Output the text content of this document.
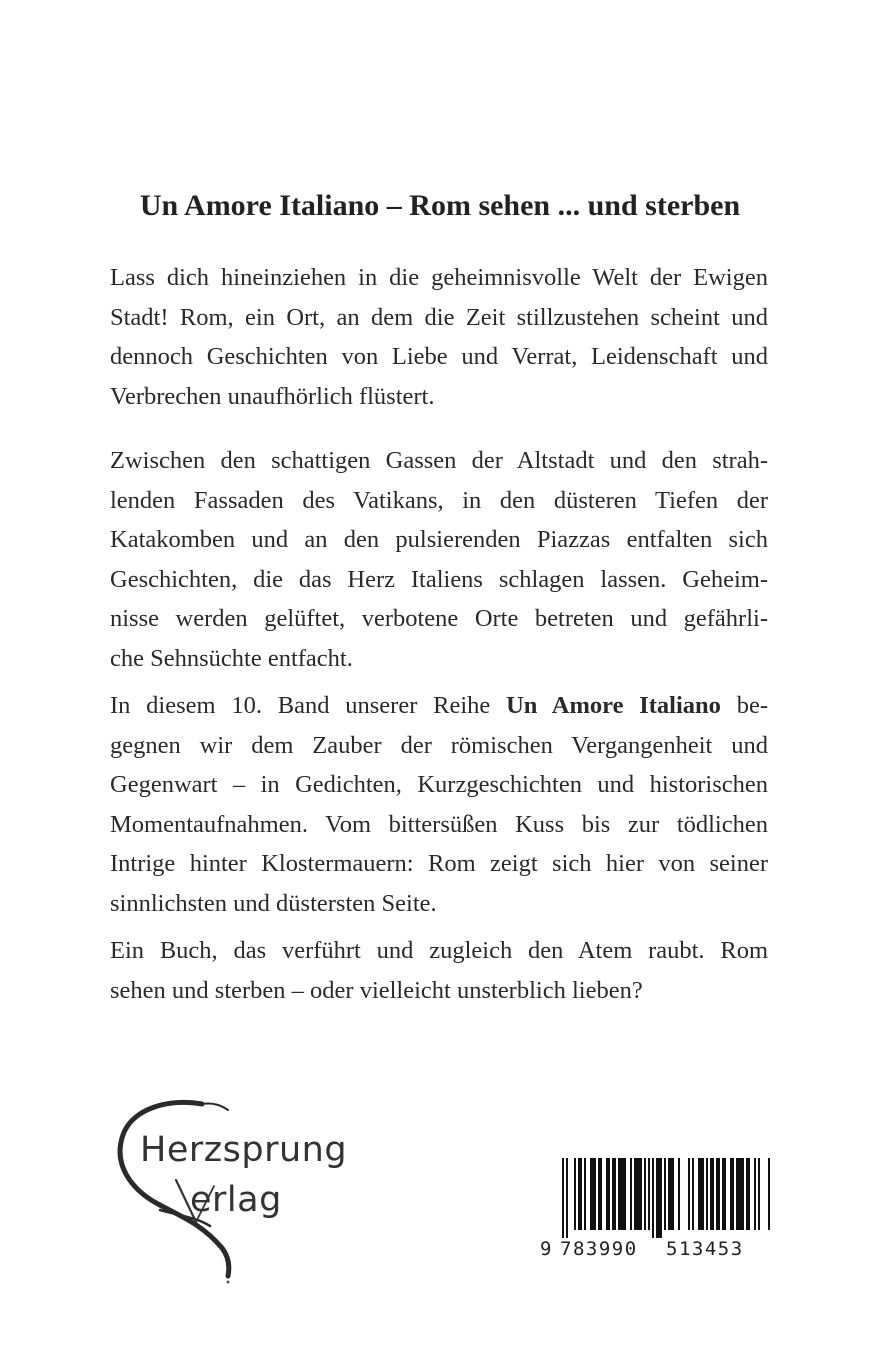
Un Amore Italiano – Rom sehen ... und sterben
Lass dich hineinziehen in die geheimnisvolle Welt der Ewigen
Stadt! Rom, ein Ort, an dem die Zeit stillzustehen scheint und
dennoch Geschichten von Liebe und Verrat, Leidenschaft und
Verbrechen unaufhörlich flüstert.
Zwischen den schattigen Gassen der Altstadt und den strah-
lenden Fassaden des Vatikans, in den düsteren Tiefen der
Katakomben und an den pulsierenden Piazzas entfalten sich
Geschichten, die das Herz Italiens schlagen lassen. Geheim-
nisse werden gelüftet, verbotene Orte betreten und gefährli-
che Sehnsüchte entfacht.
In diesem 10. Band unserer Reihe Un Amore Italiano be-
gegnen wir dem Zauber der römischen Vergangenheit und
Gegenwart – in Gedichten, Kurzgeschichten und historischen
Momentaufnahmen. Vom bittersüßen Kuss bis zur tödlichen
Intrige hinter Klostermauern: Rom zeigt sich hier von seiner
sinnlichsten und düstersten Seite.
Ein Buch, das verführt und zugleich den Atem raubt. Rom
sehen und sterben – oder vielleicht unsterblich lieben?
Herzsprung
erlag
9 783990 513453
